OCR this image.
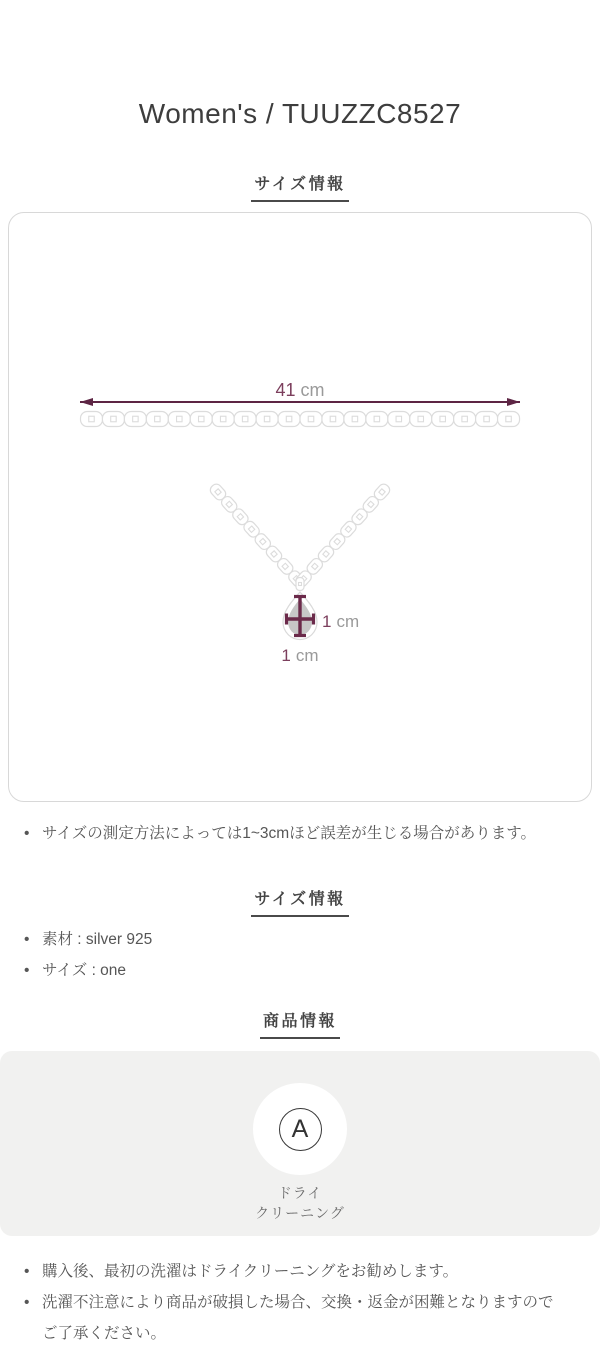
Women's / TUUZZC8527
サイズ情報
41 cm
1 cm
1 cm
• サイズの測定方法によっては1~3cmほど誤差が生じる場合があります。
サイズ情報
• 素材 : silver 925
• サイズ : one
商品情報
A
ドライ
クリーニング
• 購入後、最初の洗濯はドライクリーニングをお勧めします。
• 洗濯不注意により商品が破損した場合、交換・返金が困難となりますのでご了承ください。
